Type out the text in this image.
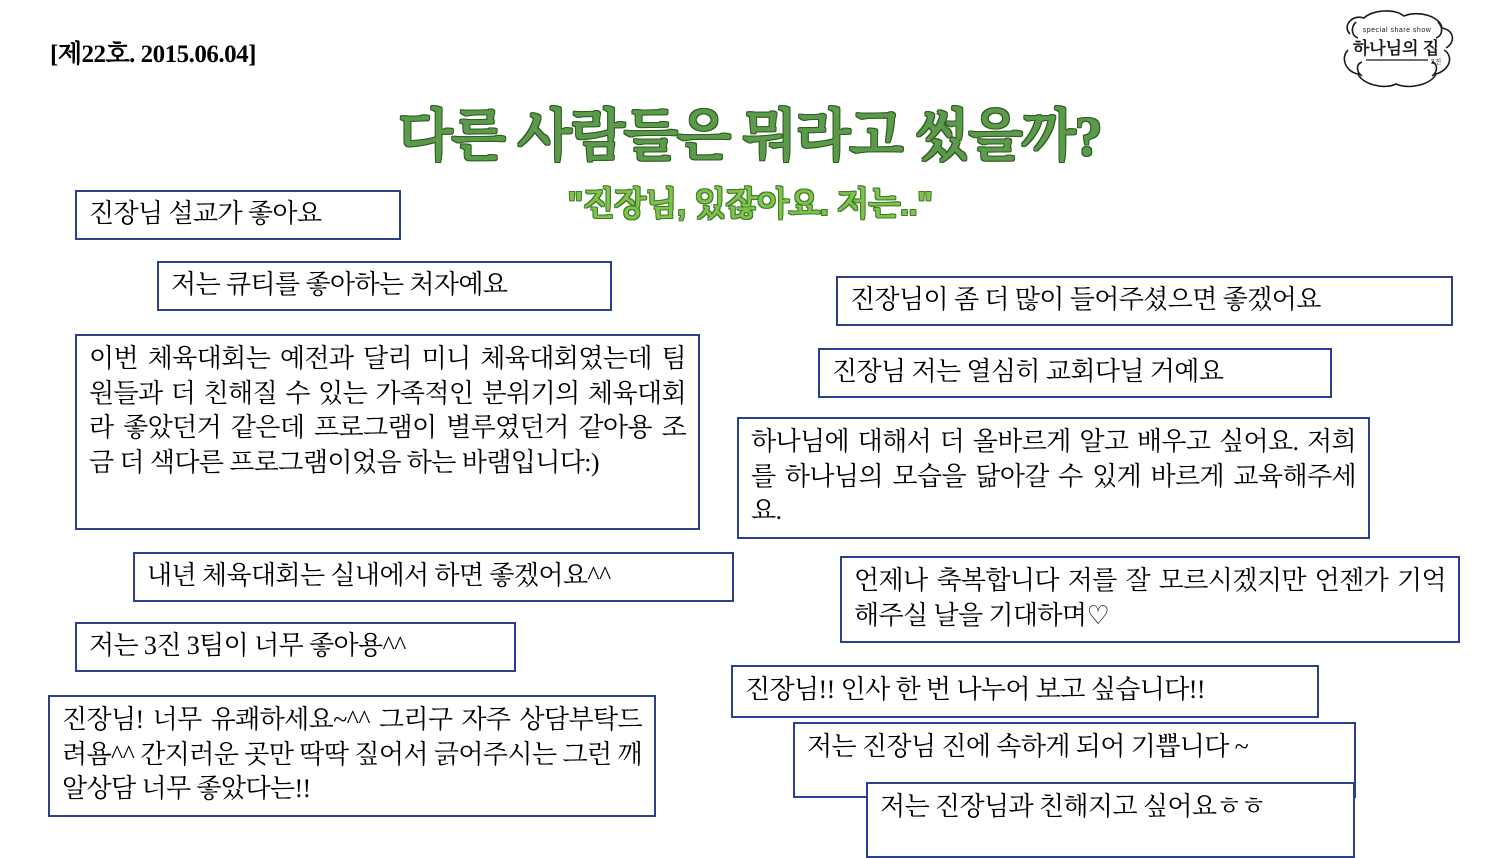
[제22호. 2015.06.04]
special share show
하나님의 집
3진
다른 사람들은 뭐라고 썼을까?
"진장님, 있잖아요. 저는.."
진장님 설교가 좋아요
저는 큐티를 좋아하는 처자예요
이번 체육대회는 예전과 달리 미니 체육대회였는데 팀원들과 더 친해질 수 있는 가족적인 분위기의 체육대회라 좋았던거 같은데 프로그램이 별루였던거 같아용 조금 더 색다른 프로그램이었음 하는 바램입니다:)
내년 체육대회는 실내에서 하면 좋겠어요^^
저는 3진 3팀이 너무 좋아용^^
진장님! 너무 유쾌하세요~^^ 그리구 자주 상담부탁드려욤^^ 간지러운 곳만 딱딱 짚어서 긁어주시는 그런 깨알상담 너무 좋았다는!!
진장님이 좀 더 많이 들어주셨으면 좋겠어요
진장님 저는 열심히 교회다닐 거예요
하나님에 대해서 더 올바르게 알고 배우고 싶어요. 저희를 하나님의 모습을 닮아갈 수 있게 바르게 교육해주세요.
언제나 축복합니다 저를 잘 모르시겠지만 언젠가 기억해주실 날을 기대하며♡
진장님!! 인사 한 번 나누어 보고 싶습니다!!
저는 진장님 진에 속하게 되어 기쁩니다 ~
저는 진장님과 친해지고 싶어요ㅎㅎ
